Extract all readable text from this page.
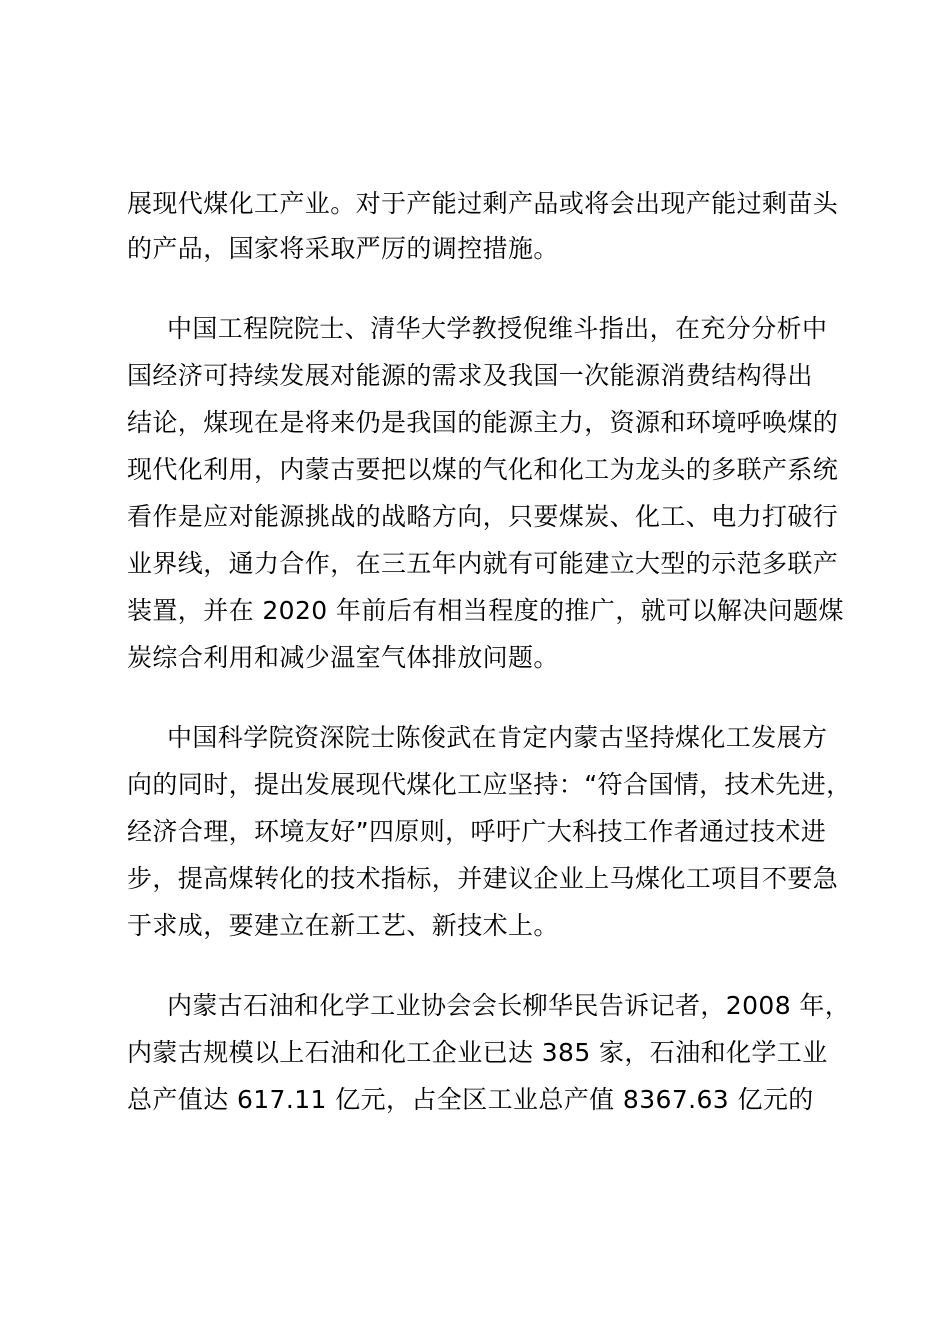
展现代煤化工产业。对于产能过剩产品或将会出现产能过剩苗头
的产品，国家将采取严厉的调控措施。
中国工程院院士、清华大学教授倪维斗指出，在充分分析中
国经济可持续发展对能源的需求及我国一次能源消费结构得出
结论，煤现在是将来仍是我国的能源主力，资源和环境呼唤煤的
现代化利用，内蒙古要把以煤的气化和化工为龙头的多联产系统
看作是应对能源挑战的战略方向，只要煤炭、化工、电力打破行
业界线，通力合作，在三五年内就有可能建立大型的示范多联产
装置，并在 2020 年前后有相当程度的推广，就可以解决问题煤
炭综合利用和减少温室气体排放问题。
中国科学院资深院士陈俊武在肯定内蒙古坚持煤化工发展方
向的同时，提出发展现代煤化工应坚持：“符合国情，技术先进，
经济合理，环境友好”四原则，呼吁广大科技工作者通过技术进
步，提高煤转化的技术指标，并建议企业上马煤化工项目不要急
于求成，要建立在新工艺、新技术上。
内蒙古石油和化学工业协会会长柳华民告诉记者，2008 年，
内蒙古规模以上石油和化工企业已达 385 家，石油和化学工业
总产值达 617.11 亿元，占全区工业总产值 8367.63 亿元的
